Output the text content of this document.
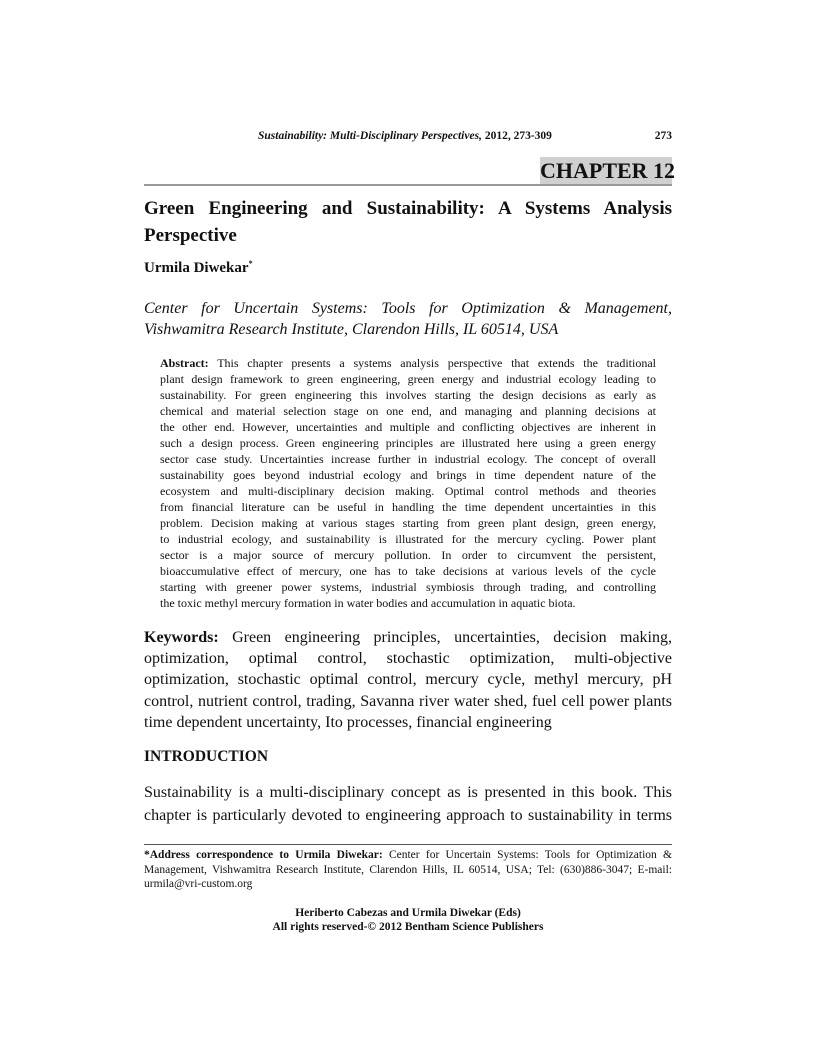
Sustainability: Multi-Disciplinary Perspectives, 2012, 273-309	273
CHAPTER 12
Green Engineering and Sustainability: A Systems Analysis
Perspective
Urmila Diwekar*
Center for Uncertain Systems: Tools for Optimization & Management,
Vishwamitra Research Institute, Clarendon Hills, IL 60514, USA
Abstract: This chapter presents a systems analysis perspective that extends the traditional
plant design framework to green engineering, green energy and industrial ecology leading to
sustainability. For green engineering this involves starting the design decisions as early as
chemical and material selection stage on one end, and managing and planning decisions at
the other end. However, uncertainties and multiple and conflicting objectives are inherent in
such a design process. Green engineering principles are illustrated here using a green energy
sector case study. Uncertainties increase further in industrial ecology. The concept of overall
sustainability goes beyond industrial ecology and brings in time dependent nature of the
ecosystem and multi-disciplinary decision making. Optimal control methods and theories
from financial literature can be useful in handling the time dependent uncertainties in this
problem. Decision making at various stages starting from green plant design, green energy,
to industrial ecology, and sustainability is illustrated for the mercury cycling. Power plant
sector is a major source of mercury pollution. In order to circumvent the persistent,
bioaccumulative effect of mercury, one has to take decisions at various levels of the cycle
starting with greener power systems, industrial symbiosis through trading, and controlling
the toxic methyl mercury formation in water bodies and accumulation in aquatic biota.
Keywords: Green engineering principles, uncertainties, decision making,
optimization, optimal control, stochastic optimization, multi-objective
optimization, stochastic optimal control, mercury cycle, methyl mercury, pH
control, nutrient control, trading, Savanna river water shed, fuel cell power plants
time dependent uncertainty, Ito processes, financial engineering
INTRODUCTION
Sustainability is a multi-disciplinary concept as is presented in this book. This
chapter is particularly devoted to engineering approach to sustainability in terms
*Address correspondence to Urmila Diwekar: Center for Uncertain Systems: Tools for Optimization &
Management, Vishwamitra Research Institute, Clarendon Hills, IL 60514, USA; Tel: (630)886-3047; E-mail:
urmila@vri-custom.org
Heriberto Cabezas and Urmila Diwekar (Eds)
All rights reserved-© 2012 Bentham Science Publishers
